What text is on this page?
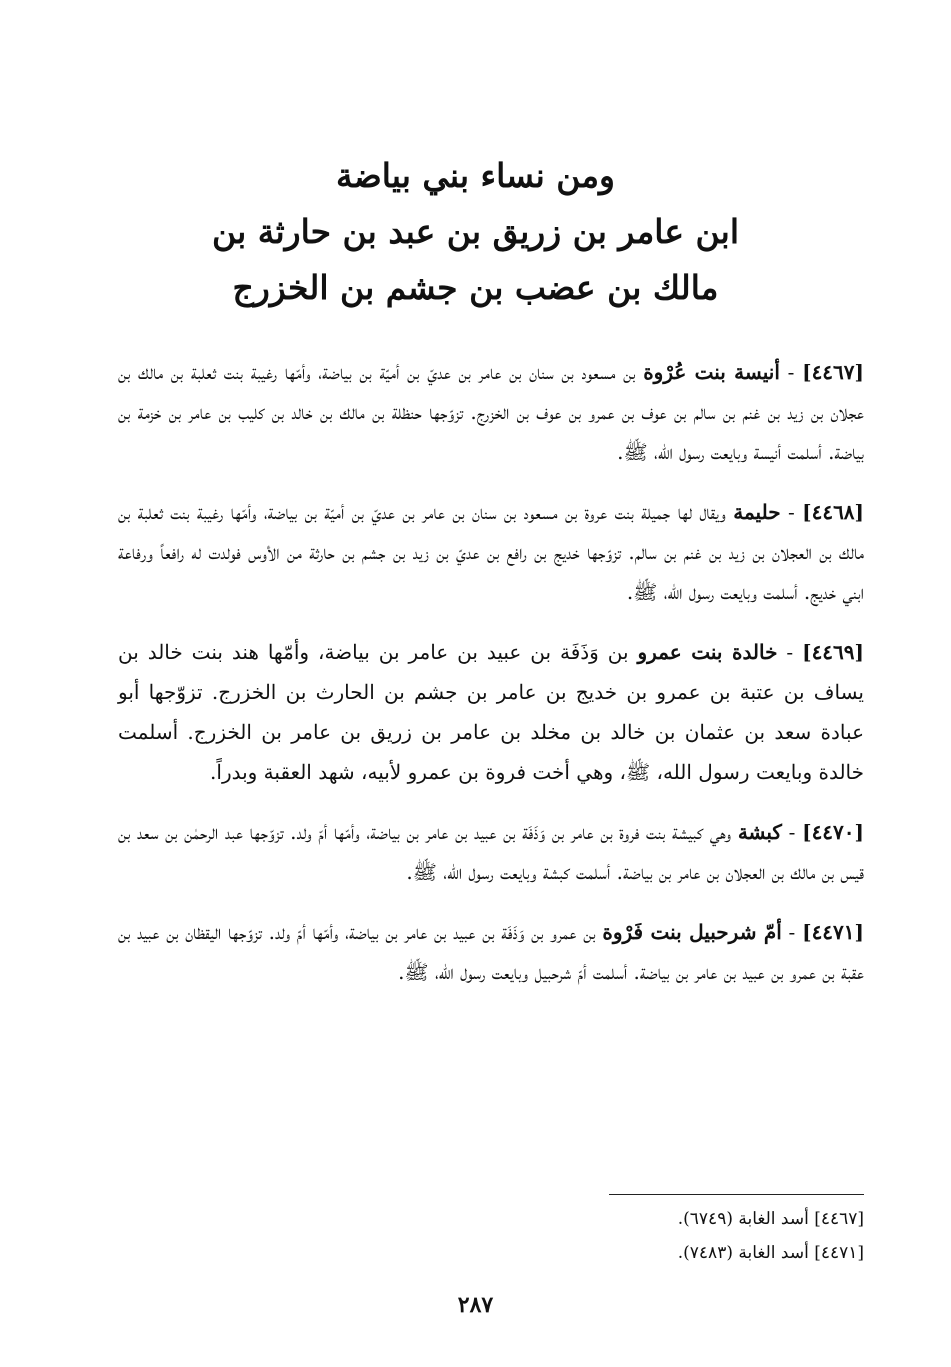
ومن نساء بني بياضة
ابن عامر بن زريق بن عبد بن حارثة بن
مالك بن عضب بن جشم بن الخزرج

[٤٤٦٧] - أنيسة بنت عُرْوة بن مسعود بن سنان بن عامر بن عديّ بن أميّة بن بياضة، وأمّها رغيبة بنت ثعلبة بن مالك بن عجلان بن زيد بن غنم بن سالم بن عوف بن عمرو بن عوف بن الخزرج. تزوّجها حنظلة بن مالك بن خالد بن كليب بن عامر بن خزمة بن بياضة. أسلمت أنيسة وبايعت رسول الله، ﷺ.

[٤٤٦٨] - حليمة ويقال لها جميلة بنت عروة بن مسعود بن سنان بن عامر بن عديّ بن أميّة بن بياضة، وأمّها رغيبة بنت ثعلبة بن مالك بن العجلان بن زيد بن غنم بن سالم. تزوّجها خديج بن رافع بن عديّ بن زيد بن جشم بن حارثة من الأوس فولدت له رافعاً ورفاعة ابني خديج. أسلمت وبايعت رسول الله، ﷺ.

[٤٤٦٩] - خالدة بنت عمرو بن وَذَفَة بن عبيد بن عامر بن بياضة، وأمّها هند بنت خالد بن يساف بن عتبة بن عمرو بن خديج بن عامر بن جشم بن الحارث بن الخزرج. تزوّجها أبو عبادة سعد بن عثمان بن خالد بن مخلد بن عامر بن زريق بن عامر بن الخزرج. أسلمت خالدة وبايعت رسول الله، ﷺ، وهي أخت فروة بن عمرو لأبيه، شهد العقبة وبدراً.

[٤٤٧٠] - كبشة وهي كبيشة بنت فروة بن عامر بن وَذَفَة بن عبيد بن عامر بن بياضة، وأمّها أمّ ولد. تزوّجها عبد الرحمٰن بن سعد بن قيس بن مالك بن العجلان بن عامر بن بياضة. أسلمت كبشة وبايعت رسول الله، ﷺ.

[٤٤٧١] - أمّ شرحبيل بنت فَرْوة بن عمرو بن وَذَفَة بن عبيد بن عامر بن بياضة، وأمّها أمّ ولد. تزوّجها اليقظان بن عبيد بن عقبة بن عمرو بن عبيد بن عامر بن بياضة. أسلمت أمّ شرحبيل وبايعت رسول الله، ﷺ.

[٤٤٦٧] أسد الغابة (٦٧٤٩).
[٤٤٧١] أسد الغابة (٧٤٨٣).
٢٨٧
